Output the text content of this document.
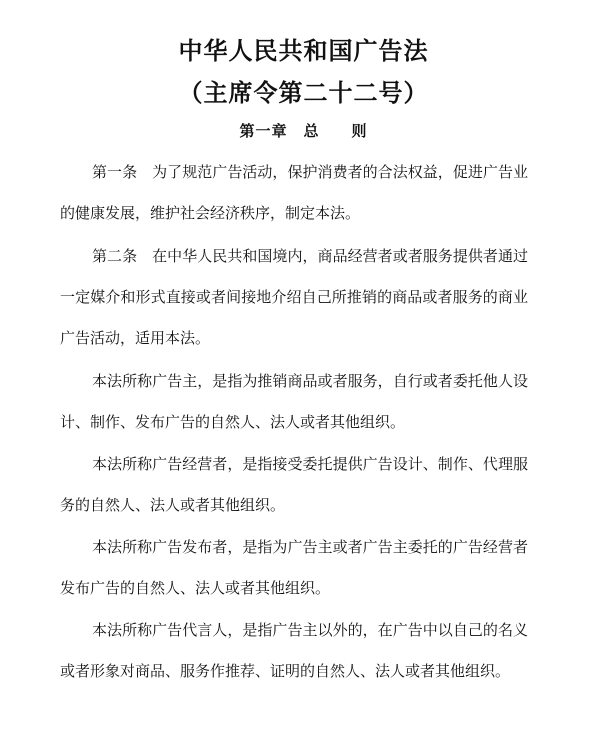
中华人民共和国广告法
（主席令第二十二号）
第一章　总　　则

第一条　为了规范广告活动，保护消费者的合法权益，促进广告业的健康发展，维护社会经济秩序，制定本法。

第二条　在中华人民共和国境内，商品经营者或者服务提供者通过一定媒介和形式直接或者间接地介绍自己所推销的商品或者服务的商业广告活动，适用本法。

本法所称广告主，是指为推销商品或者服务，自行或者委托他人设计、制作、发布广告的自然人、法人或者其他组织。

本法所称广告经营者，是指接受委托提供广告设计、制作、代理服务的自然人、法人或者其他组织。

本法所称广告发布者，是指为广告主或者广告主委托的广告经营者发布广告的自然人、法人或者其他组织。

本法所称广告代言人，是指广告主以外的，在广告中以自己的名义或者形象对商品、服务作推荐、证明的自然人、法人或者其他组织。
